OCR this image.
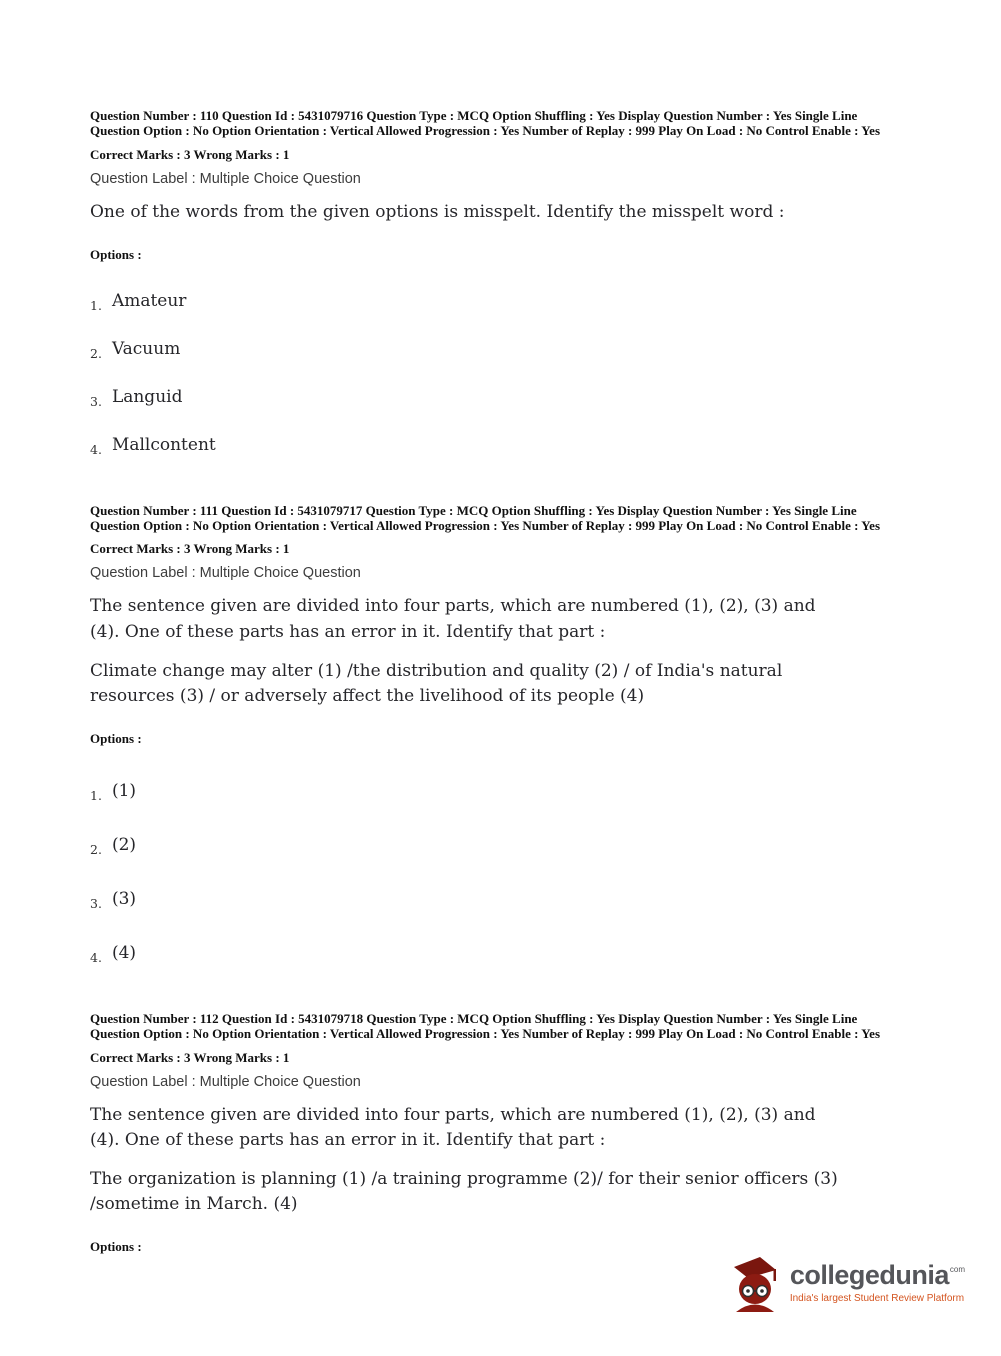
Question Number : 110 Question Id : 5431079716 Question Type : MCQ Option Shuffling : Yes Display Question Number : Yes Single Line Question Option : No Option Orientation : Vertical Allowed Progression : Yes Number of Replay : 999 Play On Load : No Control Enable : Yes

Correct Marks : 3 Wrong Marks : 1

Question Label : Multiple Choice Question

One of the words from the given options is misspelt. Identify the misspelt word :

Options :

1. Amateur
2. Vacuum
3. Languid
4. Mallcontent

Question Number : 111 Question Id : 5431079717 Question Type : MCQ Option Shuffling : Yes Display Question Number : Yes Single Line Question Option : No Option Orientation : Vertical Allowed Progression : Yes Number of Replay : 999 Play On Load : No Control Enable : Yes

Correct Marks : 3 Wrong Marks : 1

Question Label : Multiple Choice Question

The sentence given are divided into four parts, which are numbered (1), (2), (3) and (4). One of these parts has an error in it. Identify that part :

Climate change may alter (1) /the distribution and quality (2) / of India's natural resources (3) / or adversely affect the livelihood of its people (4)

Options :

1. (1)
2. (2)
3. (3)
4. (4)

Question Number : 112 Question Id : 5431079718 Question Type : MCQ Option Shuffling : Yes Display Question Number : Yes Single Line Question Option : No Option Orientation : Vertical Allowed Progression : Yes Number of Replay : 999 Play On Load : No Control Enable : Yes

Correct Marks : 3 Wrong Marks : 1

Question Label : Multiple Choice Question

The sentence given are divided into four parts, which are numbered (1), (2), (3) and (4). One of these parts has an error in it. Identify that part :

The organization is planning (1) /a training programme (2)/ for their senior officers (3) /sometime in March. (4)

Options :

collegedunia com
India's largest Student Review Platform
